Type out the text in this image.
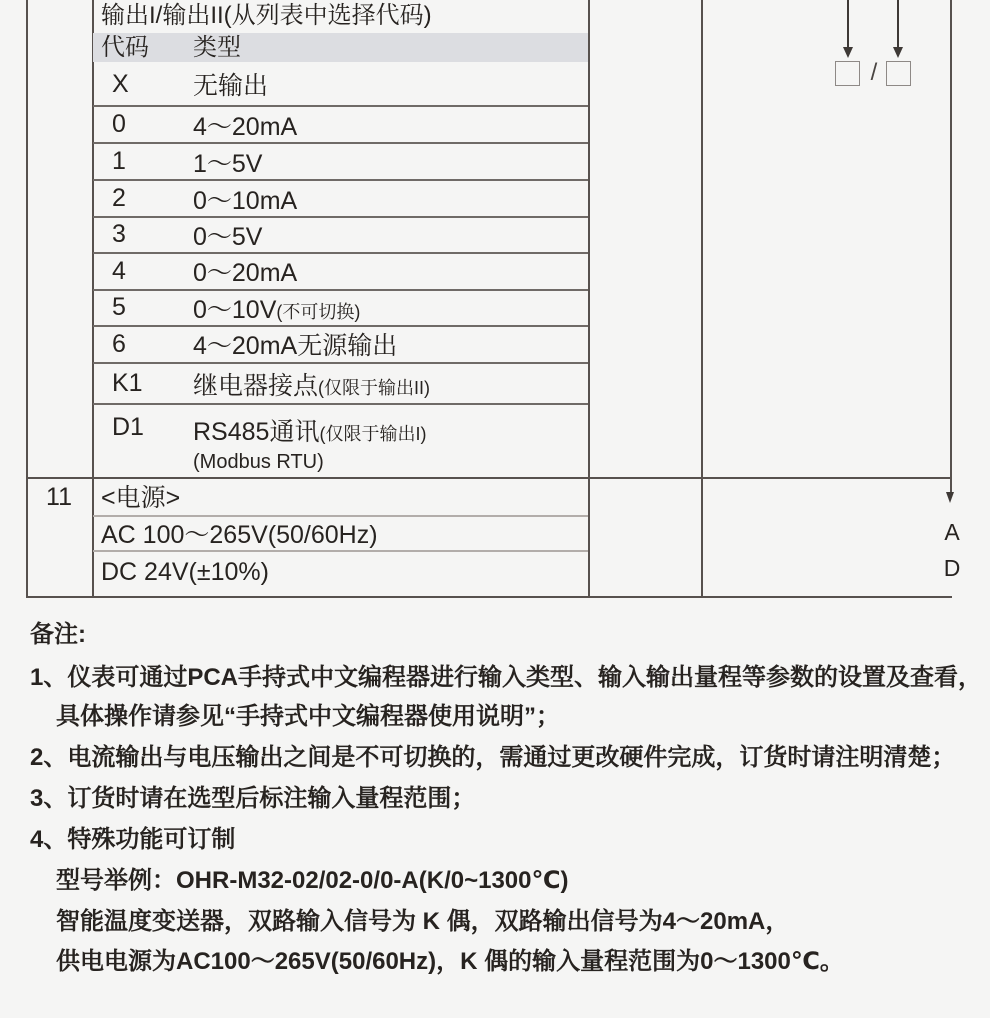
输出I/输出II(从列表中选择代码)
代码 类型
X	无输出
0	4～20mA
1	1～5V
2	0～10mA
3	0～5V
4	0～20mA
5	0～10V(不可切换)
6	4～20mA无源输出
K1	继电器接点(仅限于输出II)
D1	RS485通讯(仅限于输出I)
(Modbus RTU)
11	<电源>
AC 100～265V(50/60Hz)
DC 24V(±10%)
A
D
/
备注:
1、仪表可通过PCA手持式中文编程器进行输入类型、输入输出量程等参数的设置及查看，
具体操作请参见“手持式中文编程器使用说明”；
2、电流输出与电压输出之间是不可切换的，需通过更改硬件完成，订货时请注明清楚；
3、订货时请在选型后标注输入量程范围；
4、特殊功能可订制
型号举例：OHR-M32-02/02-0/0-A(K/0~1300℃)
智能温度变送器，双路输入信号为 K 偶，双路输出信号为4～20mA，
供电电源为AC100～265V(50/60Hz)，K 偶的输入量程范围为0～1300℃。
